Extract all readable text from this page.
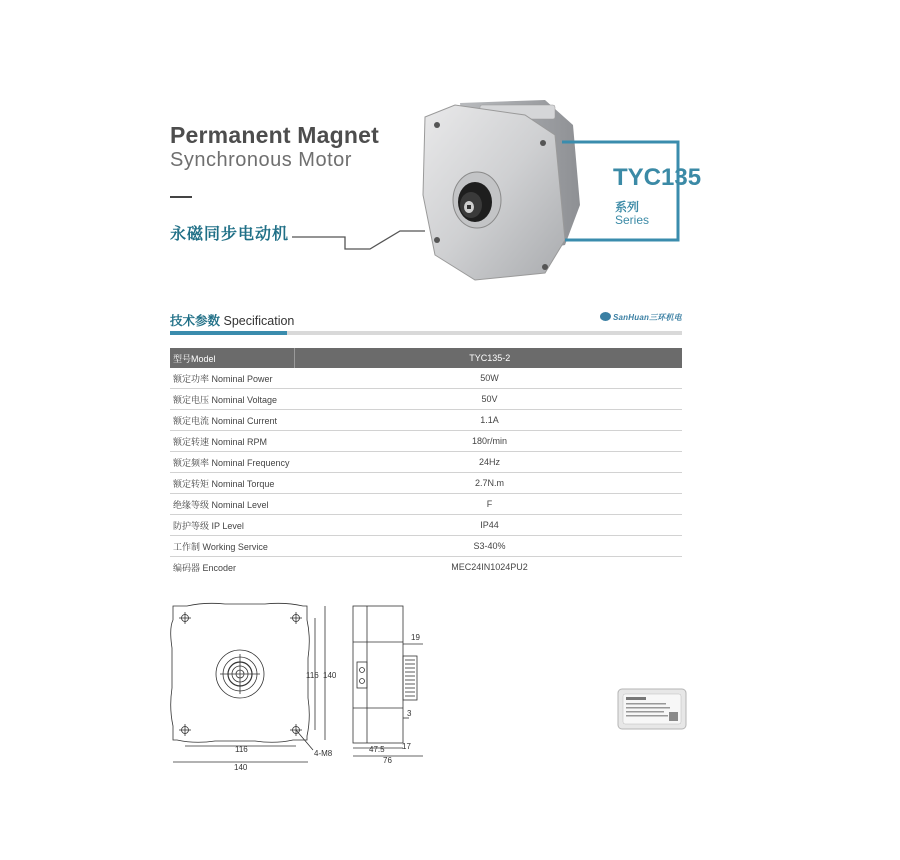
Permanent Magnet
Synchronous Motor
永磁同步电动机
TYC135
系列
Series
技术参数 Specification	SanHuan三环机电
型号Model	TYC135-2
额定功率 Nominal Power	50W
额定电压 Nominal Voltage	50V
额定电流 Nominal Current	1.1A
额定转速 Nominal RPM	180r/min
额定频率 Nominal Frequency	24Hz
额定转矩 Nominal Torque	2.7N.m
绝缘等级 Nominal Level	F
防护等级 IP Level	IP44
工作制 Working Service	S3-40%
编码器 Encoder	MEC24IN1024PU2
116
140
116 140
4-M8
19
3
17
47.5
76
